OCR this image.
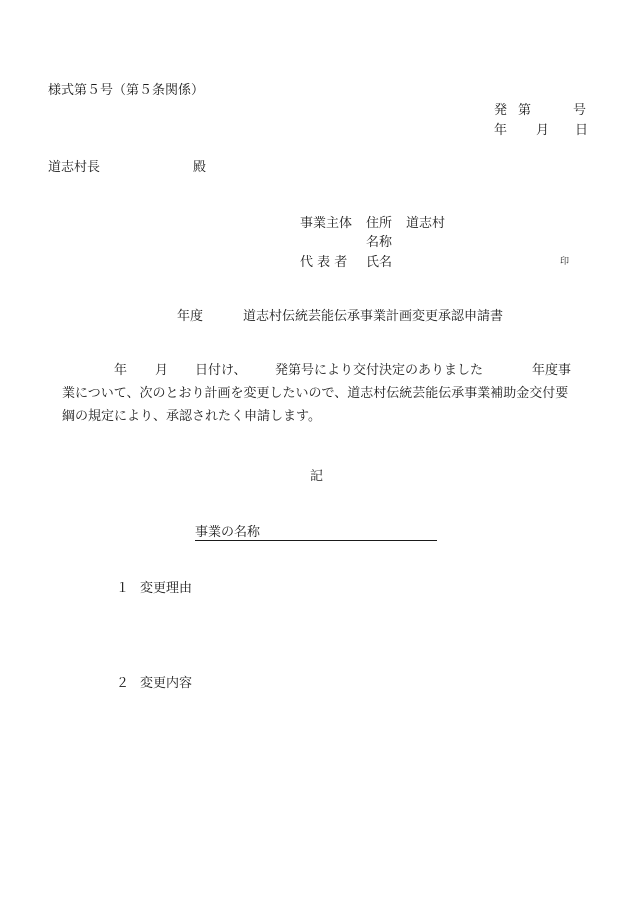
様式第５号（第５条関係）
発 第	号
年 月 日
道志村長	殿
事業主体 住所 道志村
名称
代 表 者 氏名	印
年度	道志村伝統芸能伝承事業計画変更承認申請書
年 月 日付け、 発第号により交付決定のありました	年度事
業について、次のとおり計画を変更したいので、道志村伝統芸能伝承事業補助金交付要
綱の規定により、承認されたく申請します。
記
事業の名称
１ 変更理由
２ 変更内容
